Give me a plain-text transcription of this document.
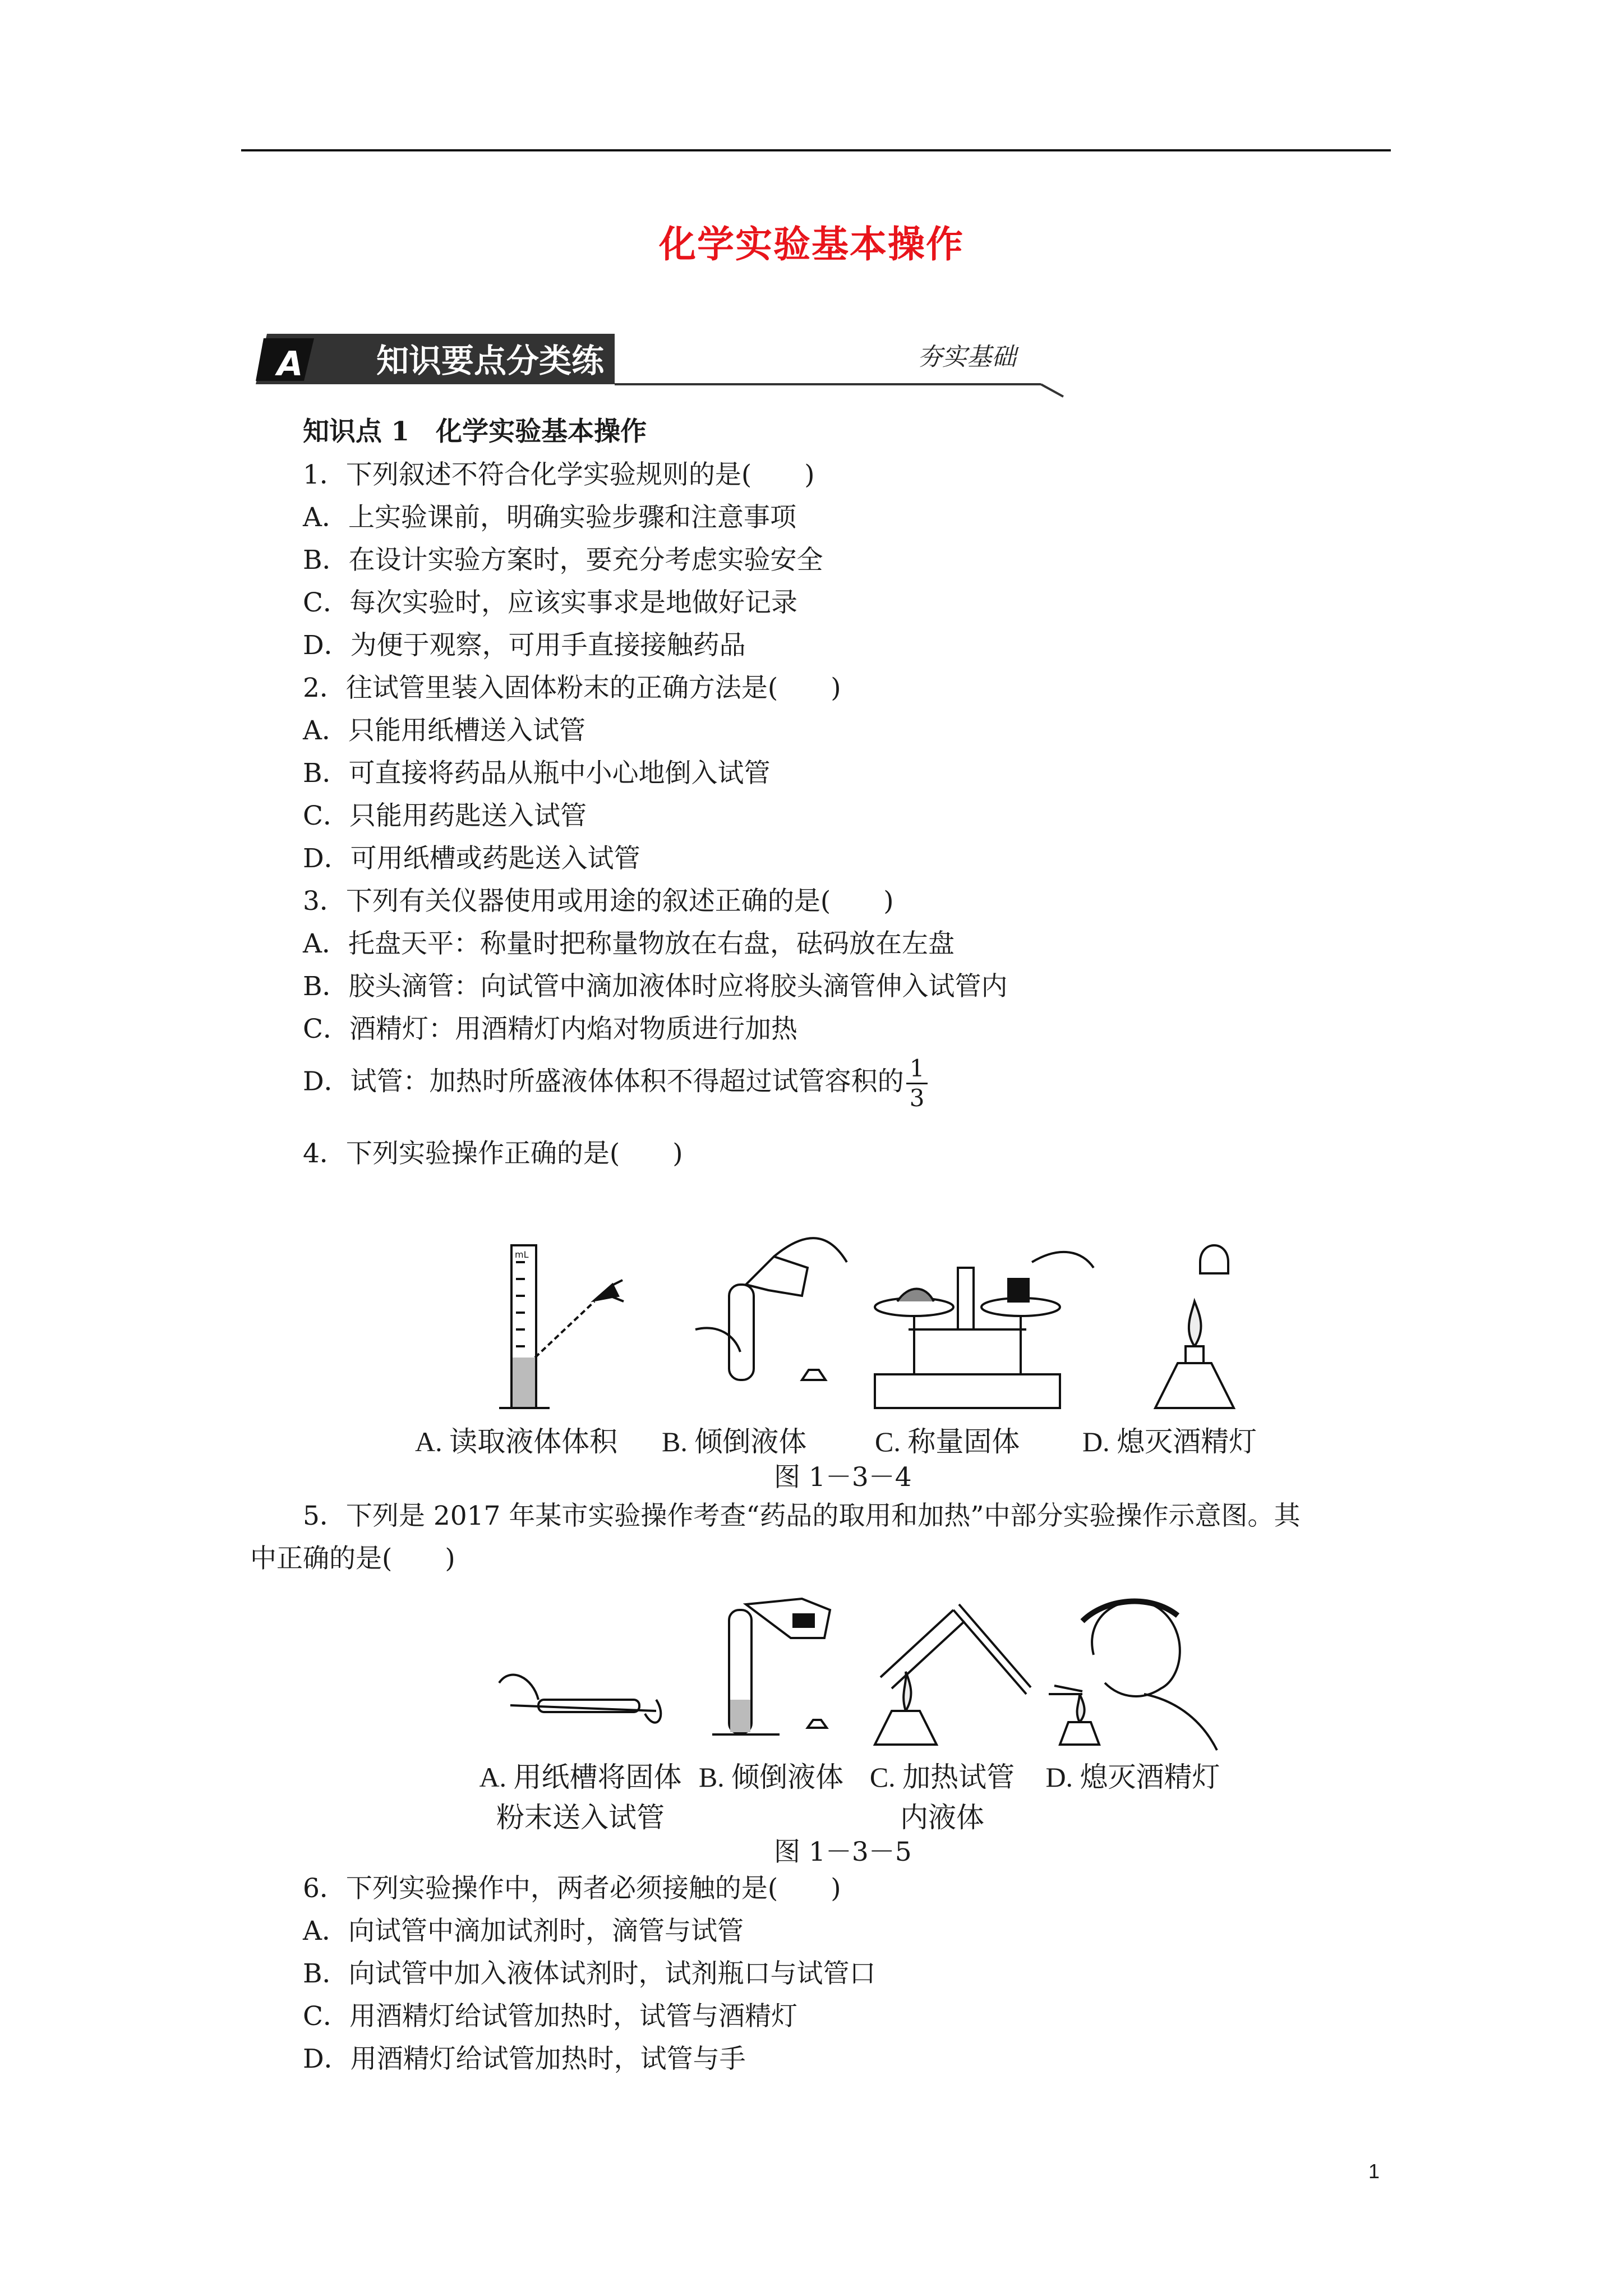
化学实验基本操作
A 知识要点分类练	夯实基础
知识点 1　化学实验基本操作
1．下列叙述不符合化学实验规则的是(　　)
A．上实验课前，明确实验步骤和注意事项
B．在设计实验方案时，要充分考虑实验安全
C．每次实验时，应该实事求是地做好记录
D．为便于观察，可用手直接接触药品
2．往试管里装入固体粉末的正确方法是(　　)
A．只能用纸槽送入试管
B．可直接将药品从瓶中小心地倒入试管
C．只能用药匙送入试管
D．可用纸槽或药匙送入试管
3．下列有关仪器使用或用途的叙述正确的是(　　)
A．托盘天平：称量时把称量物放在右盘，砝码放在左盘
B．胶头滴管：向试管中滴加液体时应将胶头滴管伸入试管内
C．酒精灯：用酒精灯内焰对物质进行加热
D．试管：加热时所盛液体体积不得超过试管容积的 $\frac{1}{3}$
4．下列实验操作正确的是(　　)
mL
A. 读取液体体积 B. 倾倒液体 C. 称量固体 D. 熄灭酒精灯
图 1－3－4
5．下列是 2017 年某市实验操作考查“药品的取用和加热”中部分实验操作示意图。其
中正确的是(　　)
A. 用纸槽将固体
粉末送入试管
B. 倾倒液体 C. 加热试管
内液体
D. 熄灭酒精灯
图 1－3－5
6．下列实验操作中，两者必须接触的是(　　)
A．向试管中滴加试剂时，滴管与试管
B．向试管中加入液体试剂时，试剂瓶口与试管口
C．用酒精灯给试管加热时，试管与酒精灯
D．用酒精灯给试管加热时，试管与手
1
